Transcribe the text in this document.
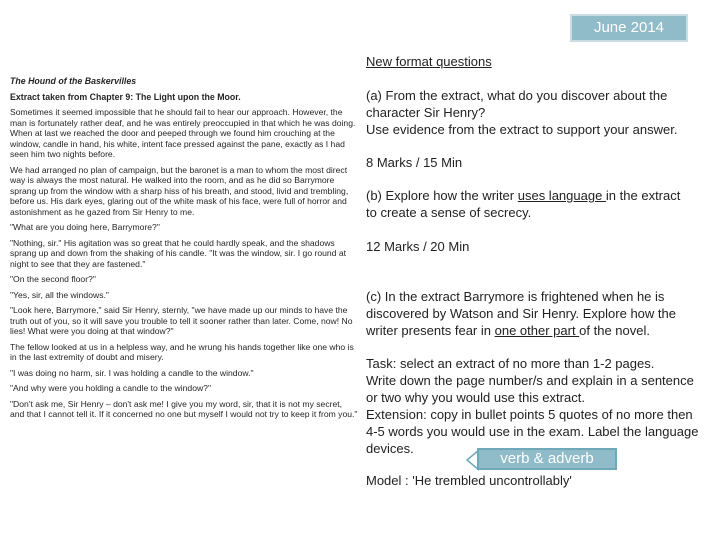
June 2014
The Hound of the Baskervilles
Extract taken from Chapter 9: The Light upon the Moor.

Sometimes it seemed impossible that he should fail to hear our approach. However, the man is fortunately rather deaf, and he was entirely preoccupied in that which he was doing. When at last we reached the door and peeped through we found him crouching at the window, candle in hand, his white, intent face pressed against the pane, exactly as I had seen him two nights before.

We had arranged no plan of campaign, but the baronet is a man to whom the most direct way is always the most natural. He walked into the room, and as he did so Barrymore sprang up from the window with a sharp hiss of his breath, and stood, livid and trembling, before us. His dark eyes, glaring out of the white mask of his face, were full of horror and astonishment as he gazed from Sir Henry to me.

"What are you doing here, Barrymore?"

"Nothing, sir." His agitation was so great that he could hardly speak, and the shadows sprang up and down from the shaking of his candle. "It was the window, sir. I go round at night to see that they are fastened."

"On the second floor?"

"Yes, sir, all the windows."

"Look here, Barrymore," said Sir Henry, sternly, "we have made up our minds to have the truth out of you, so it will save you trouble to tell it sooner rather than later. Come, now! No lies! What were you doing at that window?"

The fellow looked at us in a helpless way, and he wrung his hands together like one who is in the last extremity of doubt and misery.

"I was doing no harm, sir. I was holding a candle to the window."

"And why were you holding a candle to the window?"

"Don't ask me, Sir Henry – don't ask me! I give you my word, sir, that it is not my secret, and that I cannot tell it. If it concerned no one but myself I would not try to keep it from you."

New format questions
(a) From the extract, what do you discover about the
character Sir Henry?
Use evidence from the extract to support your answer.
8 Marks / 15 Min
(b) Explore how the writer uses language in the extract
to create a sense of secrecy.
12 Marks / 20 Min
(c) In the extract Barrymore is frightened when he is
discovered by Watson and Sir Henry. Explore how the
writer presents fear in one other part of the novel.
Task: select an extract of no more than 1-2 pages.
Write down the page number/s and explain in a sentence
or two why you would use this extract.
Extension: copy in bullet points 5 quotes of no more then
4-5 words you would use in the exam. Label the language
devices.
verb & adverb
Model : 'He trembled uncontrollably'
